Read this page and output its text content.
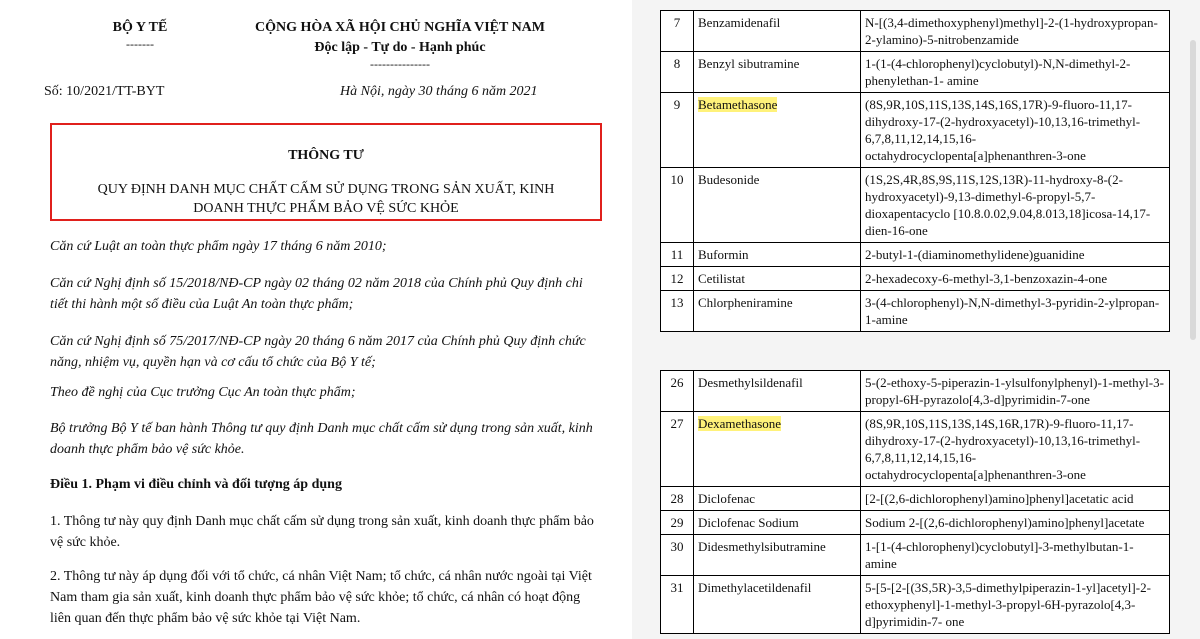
BỘ Y TẾ
-------
CỘNG HÒA XÃ HỘI CHỦ NGHĨA VIỆT NAM
Độc lập - Tự do - Hạnh phúc
---------------
Số: 10/2021/TT-BYT	Hà Nội, ngày 30 tháng 6 năm 2021
THÔNG TƯ
QUY ĐỊNH DANH MỤC CHẤT CẤM SỬ DỤNG TRONG SẢN XUẤT, KINH DOANH THỰC PHẨM BẢO VỆ SỨC KHỎE
Căn cứ Luật an toàn thực phẩm ngày 17 tháng 6 năm 2010;
Căn cứ Nghị định số 15/2018/NĐ-CP ngày 02 tháng 02 năm 2018 của Chính phủ Quy định chi tiết thi hành một số điều của Luật An toàn thực phẩm;
Căn cứ Nghị định số 75/2017/NĐ-CP ngày 20 tháng 6 năm 2017 của Chính phủ Quy định chức năng, nhiệm vụ, quyền hạn và cơ cấu tổ chức của Bộ Y tế;
Theo đề nghị của Cục trưởng Cục An toàn thực phẩm;
Bộ trưởng Bộ Y tế ban hành Thông tư quy định Danh mục chất cấm sử dụng trong sản xuất, kinh doanh thực phẩm bảo vệ sức khỏe.
Điều 1. Phạm vi điều chỉnh và đối tượng áp dụng
1. Thông tư này quy định Danh mục chất cấm sử dụng trong sản xuất, kinh doanh thực phẩm bảo vệ sức khỏe.
2. Thông tư này áp dụng đối với tổ chức, cá nhân Việt Nam; tổ chức, cá nhân nước ngoài tại Việt Nam tham gia sản xuất, kinh doanh thực phẩm bảo vệ sức khỏe; tổ chức, cá nhân có hoạt động liên quan đến thực phẩm bảo vệ sức khỏe tại Việt Nam.
7	Benzamidenafil	N-[(3,4-dimethoxyphenyl)methyl]-2-(1-hydroxypropan-2-ylamino)-5-nitrobenzamide
8	Benzyl sibutramine	1-(1-(4-chlorophenyl)cyclobutyl)-N,N-dimethyl-2-phenylethan-1- amine
9	Betamethasone	(8S,9R,10S,11S,13S,14S,16S,17R)-9-fluoro-11,17-dihydroxy-17-(2-hydroxyacetyl)-10,13,16-trimethyl-6,7,8,11,12,14,15,16-octahydrocyclopenta[a]phenanthren-3-one
10	Budesonide	(1S,2S,4R,8S,9S,11S,12S,13R)-11-hydroxy-8-(2-hydroxyacetyl)-9,13-dimethyl-6-propyl-5,7-dioxapentacyclo [10.8.0.02,9.04,8.013,18]icosa-14,17-dien-16-one
11	Buformin	2-butyl-1-(diaminomethylidene)guanidine
12	Cetilistat	2-hexadecoxy-6-methyl-3,1-benzoxazin-4-one
13	Chlorpheniramine	3-(4-chlorophenyl)-N,N-dimethyl-3-pyridin-2-ylpropan-1-amine
26	Desmethylsildenafil	5-(2-ethoxy-5-piperazin-1-ylsulfonylphenyl)-1-methyl-3-propyl-6H-pyrazolo[4,3-d]pyrimidin-7-one
27	Dexamethasone	(8S,9R,10S,11S,13S,14S,16R,17R)-9-fluoro-11,17-dihydroxy-17-(2-hydroxyacetyl)-10,13,16-trimethyl-6,7,8,11,12,14,15,16-octahydrocyclopenta[a]phenanthren-3-one
28	Diclofenac	[2-[(2,6-dichlorophenyl)amino]phenyl]acetatic acid
29	Diclofenac Sodium	Sodium 2-[(2,6-dichlorophenyl)amino]phenyl]acetate
30	Didesmethylsibutramine	1-[1-(4-chlorophenyl)cyclobutyl]-3-methylbutan-1-amine
31	Dimethylacetildenafil	5-[5-[2-[(3S,5R)-3,5-dimethylpiperazin-1-yl]acetyl]-2-ethoxyphenyl]-1-methyl-3-propyl-6H-pyrazolo[4,3-d]pyrimidin-7- one
